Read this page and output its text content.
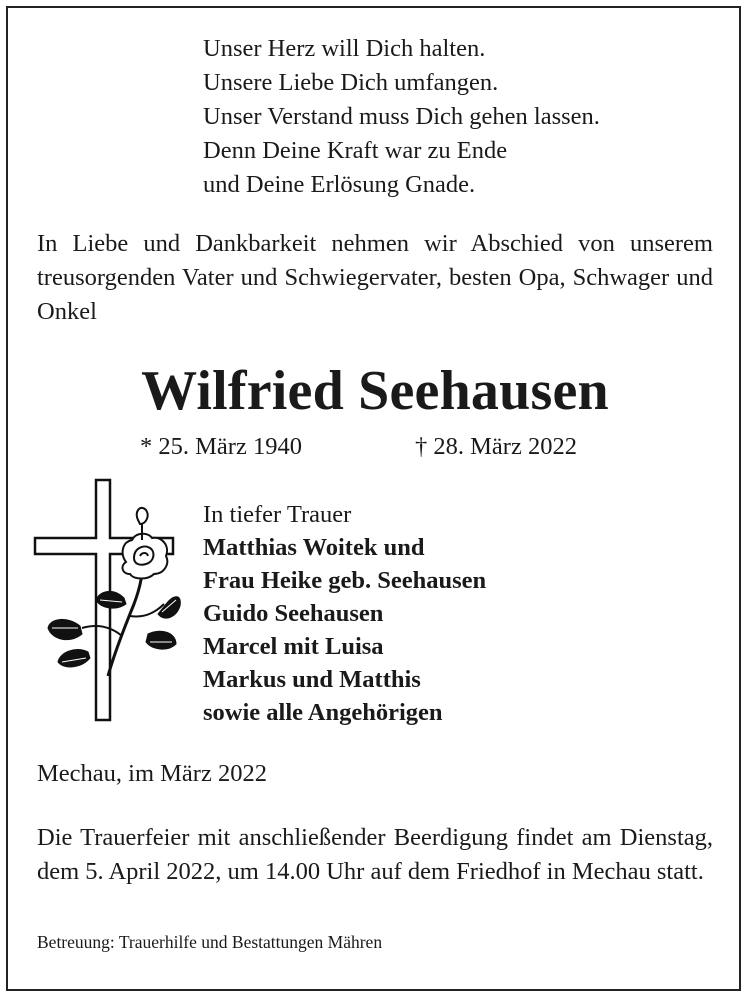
Unser Herz will Dich halten.
Unsere Liebe Dich umfangen.
Unser Verstand muss Dich gehen lassen.
Denn Deine Kraft war zu Ende
und Deine Erlösung Gnade.
In Liebe und Dankbarkeit nehmen wir Abschied von unserem treusorgenden Vater und Schwiegervater, besten Opa, Schwager und Onkel
Wilfried Seehausen
* 25. März 1940	† 28. März 2022
In tiefer Trauer
Matthias Woitek und
Frau Heike geb. Seehausen
Guido Seehausen
Marcel mit Luisa
Markus und Matthis
sowie alle Angehörigen
Mechau, im März 2022
Die Trauerfeier mit anschließender Beerdigung findet am Dienstag, dem 5. April 2022, um 14.00 Uhr auf dem Friedhof in Mechau statt.
Betreuung: Trauerhilfe und Bestattungen Mähren
